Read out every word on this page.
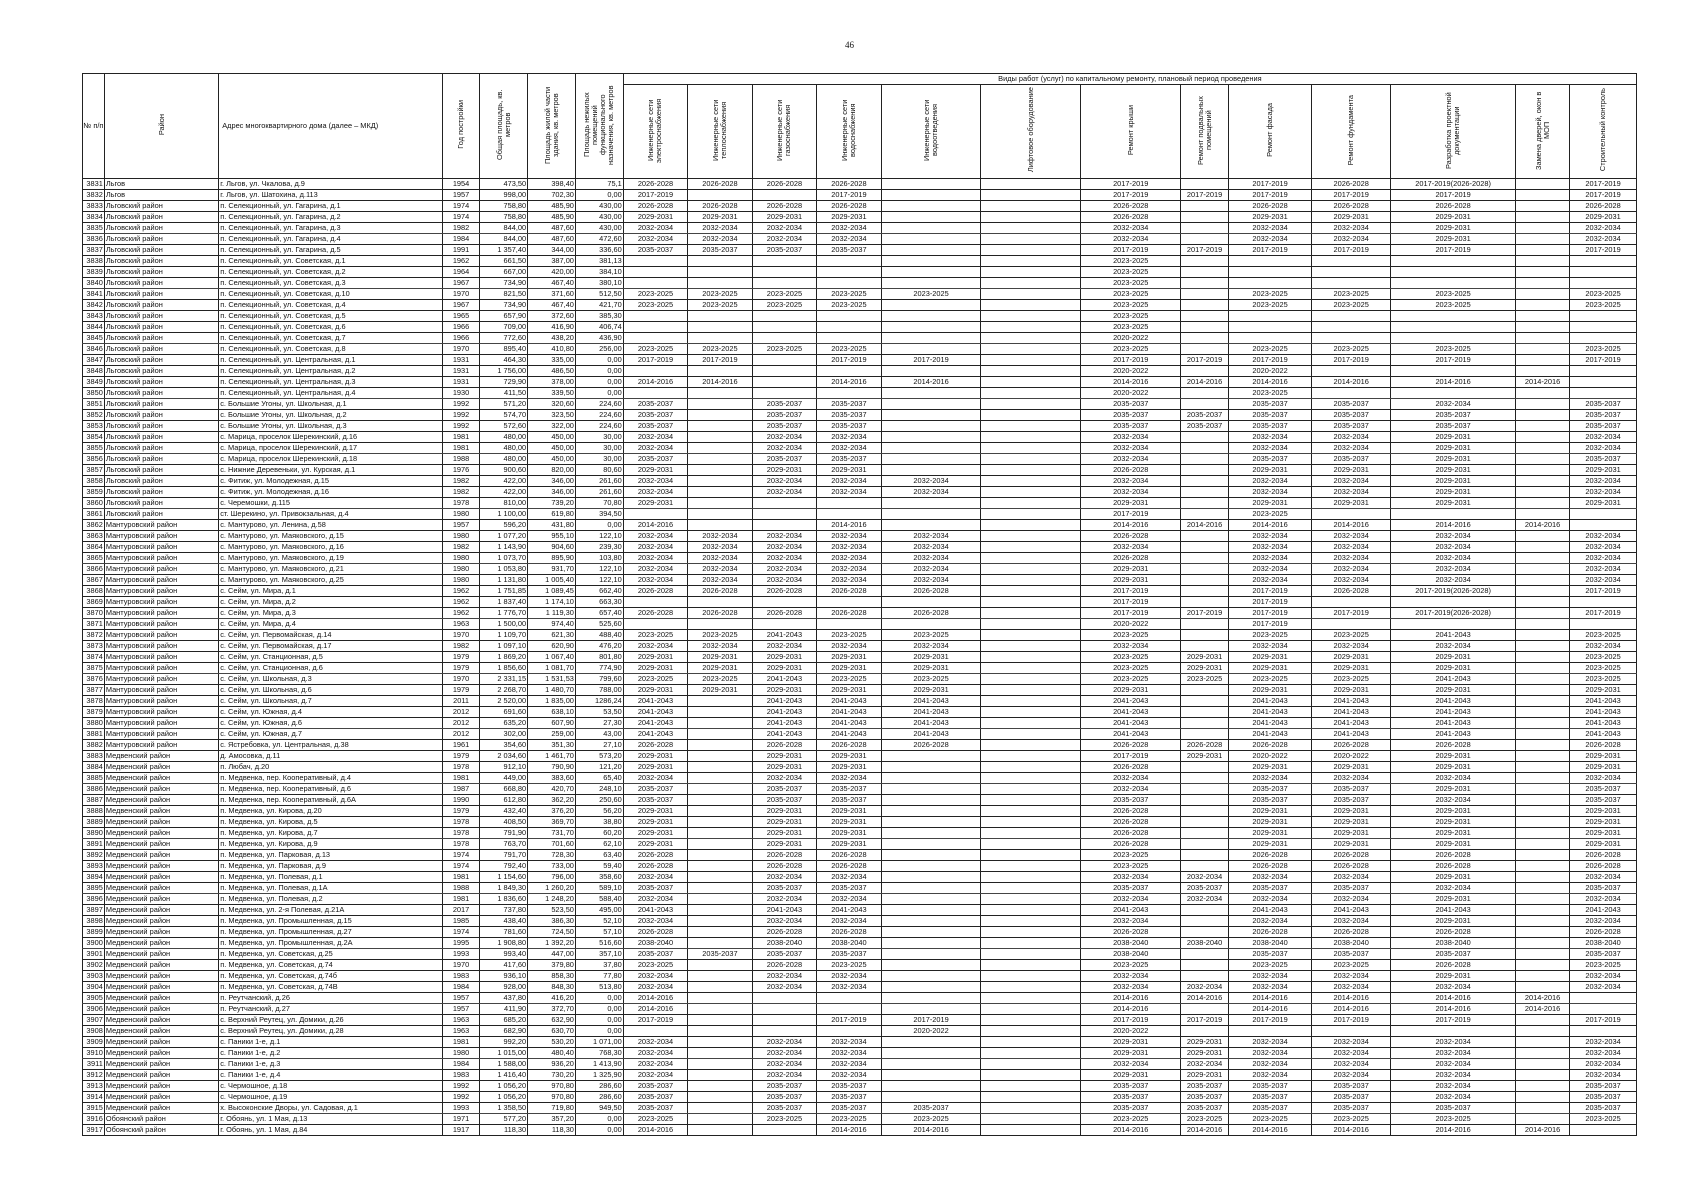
46
№ п/п	Район	Адрес многоквартирного дома (далее – МКД)	Год постройки	Общая площадь, кв. метров	Площадь жилой части здания, кв. метров	Площадь нежилых помещений функционального назначения, кв. метров	Виды работ (услуг) по капитальному ремонту, плановый период проведения												
							Инженерные сети электроснабжения	Инженерные сети теплоснабжения	Инженерные сети газоснабжения	Инженерные сети водоснабжения	Инженерные сети водоотведения	Лифтовое оборудование	Ремонт крыши	Ремонт подвальных помещений	Ремонт фасада	Ремонт фундамента	Разработка проектной документации	Замена дверей, окон в МОП	Строительный контроль
3831	Льгов	г. Льгов, ул. Чкалова, д.9	1954	473,50	398,40	75,1	2026-2028	2026-2028	2026-2028	2026-2028			2017-2019		2017-2019	2026-2028	2017-2019(2026-2028)		2017-2019
3832	Льгов	г. Льгов, ул. Шатохина, д.113	1957	998,00	702,30	0,00	2017-2019			2017-2019			2017-2019	2017-2019	2017-2019	2017-2019	2017-2019		2017-2019
3833	Льговский район	п. Селекционный, ул. Гагарина, д.1	1974	758,80	485,90	430,00	2026-2028	2026-2028	2026-2028	2026-2028			2026-2028		2026-2028	2026-2028	2026-2028		2026-2028
3834	Льговский район	п. Селекционный, ул. Гагарина, д.2	1974	758,80	485,90	430,00	2029-2031	2029-2031	2029-2031	2029-2031			2026-2028		2029-2031	2029-2031	2029-2031		2029-2031
3835	Льговский район	п. Селекционный, ул. Гагарина, д.3	1982	844,00	487,60	430,00	2032-2034	2032-2034	2032-2034	2032-2034			2032-2034		2032-2034	2032-2034	2029-2031		2032-2034
3836	Льговский район	п. Селекционный, ул. Гагарина, д.4	1984	844,00	487,60	472,60	2032-2034	2032-2034	2032-2034	2032-2034			2032-2034		2032-2034	2032-2034	2029-2031		2032-2034
3837	Льговский район	п. Селекционный, ул. Гагарина, д.5	1991	1 357,40	344,00	336,60	2035-2037	2035-2037	2035-2037	2035-2037			2017-2019	2017-2019	2017-2019	2017-2019	2017-2019		2017-2019
3838	Льговский район	п. Селекционный, ул. Советская, д.1	1962	661,50	387,00	381,13							2023-2025						
3839	Льговский район	п. Селекционный, ул. Советская, д.2	1964	667,00	420,00	384,10							2023-2025						
3840	Льговский район	п. Селекционный, ул. Советская, д.3	1967	734,90	467,40	380,10							2023-2025						
3841	Льговский район	п. Селекционный, ул. Советская, д.10	1970	821,50	371,60	512,50	2023-2025	2023-2025	2023-2025	2023-2025	2023-2025		2023-2025		2023-2025	2023-2025	2023-2025		2023-2025
3842	Льговский район	п. Селекционный, ул. Советская, д.4	1967	734,90	467,40	421,70	2023-2025	2023-2025	2023-2025	2023-2025			2023-2025		2023-2025	2023-2025	2023-2025		2023-2025
3843	Льговский район	п. Селекционный, ул. Советская, д.5	1965	657,90	372,60	385,30							2023-2025						
3844	Льговский район	п. Селекционный, ул. Советская, д.6	1966	709,00	416,90	406,74							2023-2025						
3845	Льговский район	п. Селекционный, ул. Советская, д.7	1966	772,60	438,20	436,90							2020-2022						
3846	Льговский район	п. Селекционный, ул. Советская, д.8	1970	895,40	410,80	256,00	2023-2025	2023-2025	2023-2025	2023-2025			2023-2025		2023-2025	2023-2025	2023-2025		2023-2025
3847	Льговский район	п. Селекционный, ул. Центральная, д.1	1931	464,30	335,00	0,00	2017-2019	2017-2019		2017-2019	2017-2019		2017-2019	2017-2019	2017-2019	2017-2019	2017-2019		2017-2019
3848	Льговский район	п. Селекционный, ул. Центральная, д.2	1931	1 756,00	486,50	0,00							2020-2022		2020-2022				
3849	Льговский район	п. Селекционный, ул. Центральная, д.3	1931	729,90	378,00	0,00	2014-2016	2014-2016		2014-2016	2014-2016		2014-2016	2014-2016	2014-2016	2014-2016	2014-2016	2014-2016	
3850	Льговский район	п. Селекционный, ул. Центральная, д.4	1930	411,50	339,50	0,00							2020-2022		2023-2025				
3851	Льговский район	с. Большие Угоны, ул. Школьная, д.1	1992	571,20	320,60	224,60	2035-2037		2035-2037	2035-2037			2035-2037		2035-2037	2035-2037	2032-2034		2035-2037
3852	Льговский район	с. Большие Угоны, ул. Школьная, д.2	1992	574,70	323,50	224,60	2035-2037		2035-2037	2035-2037			2035-2037	2035-2037	2035-2037	2035-2037	2035-2037		2035-2037
3853	Льговский район	с. Большие Угоны, ул. Школьная, д.3	1992	572,60	322,00	224,60	2035-2037		2035-2037	2035-2037			2035-2037	2035-2037	2035-2037	2035-2037	2035-2037		2035-2037
3854	Льговский район	с. Марица, проселок Шерекинский, д.16	1981	480,00	450,00	30,00	2032-2034		2032-2034	2032-2034			2032-2034		2032-2034	2032-2034	2029-2031		2032-2034
3855	Льговский район	с. Марица, проселок Шерекинский, д.17	1981	480,00	450,00	30,00	2032-2034		2032-2034	2032-2034			2032-2034		2032-2034	2032-2034	2029-2031		2032-2034
3856	Льговский район	с. Марица, проселок Шерекинский, д.18	1988	480,00	450,00	30,00	2035-2037		2035-2037	2035-2037			2032-2034		2035-2037	2035-2037	2029-2031		2035-2037
3857	Льговский район	с. Нижние Деревеньки, ул. Курская, д.1	1976	900,60	820,00	80,60	2029-2031		2029-2031	2029-2031			2026-2028		2029-2031	2029-2031	2029-2031		2029-2031
3858	Льговский район	с. Фитиж, ул. Молодежная, д.15	1982	422,00	346,00	261,60	2032-2034		2032-2034	2032-2034	2032-2034		2032-2034		2032-2034	2032-2034	2029-2031		2032-2034
3859	Льговский район	с. Фитиж, ул. Молодежная, д.16	1982	422,00	346,00	261,60	2032-2034		2032-2034	2032-2034	2032-2034		2032-2034		2032-2034	2032-2034	2029-2031		2032-2034
3860	Льговский район	с. Черемошки, д.115	1978	810,00	739,20	70,80	2029-2031						2029-2031		2029-2031	2029-2031	2029-2031		2029-2031
3861	Льговский район	ст. Шерекино, ул. Привокзальная, д.4	1980	1 100,00	619,80	394,50							2017-2019		2023-2025				
3862	Мантуровский район	с. Мантурово, ул. Ленина, д.58	1957	596,20	431,80	0,00	2014-2016			2014-2016			2014-2016	2014-2016	2014-2016	2014-2016	2014-2016	2014-2016	
3863	Мантуровский район	с. Мантурово, ул. Маяковского, д.15	1980	1 077,20	955,10	122,10	2032-2034	2032-2034	2032-2034	2032-2034	2032-2034		2026-2028		2032-2034	2032-2034	2032-2034		2032-2034
3864	Мантуровский район	с. Мантурово, ул. Маяковского, д.16	1982	1 143,90	904,60	239,30	2032-2034	2032-2034	2032-2034	2032-2034	2032-2034		2032-2034		2032-2034	2032-2034	2032-2034		2032-2034
3865	Мантуровский район	с. Мантурово, ул. Маяковского, д.19	1980	1 073,70	895,90	103,80	2032-2034	2032-2034	2032-2034	2032-2034	2032-2034		2026-2028		2032-2034	2032-2034	2032-2034		2032-2034
3866	Мантуровский район	с. Мантурово, ул. Маяковского, д.21	1980	1 053,80	931,70	122,10	2032-2034	2032-2034	2032-2034	2032-2034	2032-2034		2029-2031		2032-2034	2032-2034	2032-2034		2032-2034
3867	Мантуровский район	с. Мантурово, ул. Маяковского, д.25	1980	1 131,80	1 005,40	122,10	2032-2034	2032-2034	2032-2034	2032-2034	2032-2034		2029-2031		2032-2034	2032-2034	2032-2034		2032-2034
3868	Мантуровский район	с. Сейм, ул. Мира, д.1	1962	1 751,85	1 089,45	662,40	2026-2028	2026-2028	2026-2028	2026-2028	2026-2028		2017-2019		2017-2019	2026-2028	2017-2019(2026-2028)		2017-2019
3869	Мантуровский район	с. Сейм, ул. Мира, д.2	1962	1 837,40	1 174,10	663,30							2017-2019		2017-2019				
3870	Мантуровский район	с. Сейм, ул. Мира, д.3	1962	1 776,70	1 119,30	657,40	2026-2028	2026-2028	2026-2028	2026-2028	2026-2028		2017-2019	2017-2019	2017-2019	2017-2019	2017-2019(2026-2028)		2017-2019
3871	Мантуровский район	с. Сейм, ул. Мира, д.4	1963	1 500,00	974,40	525,60							2020-2022		2017-2019				
3872	Мантуровский район	с. Сейм, ул. Первомайская, д.14	1970	1 109,70	621,30	488,40	2023-2025	2023-2025	2041-2043	2023-2025	2023-2025		2023-2025		2023-2025	2023-2025	2041-2043		2023-2025
3873	Мантуровский район	с. Сейм, ул. Первомайская, д.17	1982	1 097,10	620,90	476,20	2032-2034	2032-2034	2032-2034	2032-2034	2032-2034		2032-2034		2032-2034	2032-2034	2032-2034		2032-2034
3874	Мантуровский район	с. Сейм, ул. Станционная, д.5	1979	1 869,20	1 067,40	801,80	2029-2031	2029-2031	2029-2031	2029-2031	2029-2031		2023-2025	2029-2031	2029-2031	2029-2031	2029-2031		2023-2025
3875	Мантуровский район	с. Сейм, ул. Станционная, д.6	1979	1 856,60	1 081,70	774,90	2029-2031	2029-2031	2029-2031	2029-2031	2029-2031		2023-2025	2029-2031	2029-2031	2029-2031	2029-2031		2023-2025
3876	Мантуровский район	с. Сейм, ул. Школьная, д.3	1970	2 331,15	1 531,53	799,60	2023-2025	2023-2025	2041-2043	2023-2025	2023-2025		2023-2025	2023-2025	2023-2025	2023-2025	2041-2043		2023-2025
3877	Мантуровский район	с. Сейм, ул. Школьная, д.6	1979	2 268,70	1 480,70	788,00	2029-2031	2029-2031	2029-2031	2029-2031	2029-2031		2029-2031		2029-2031	2029-2031	2029-2031		2029-2031
3878	Мантуровский район	с. Сейм, ул. Школьная, д.7	2011	2 520,00	1 835,00	1286,24	2041-2043		2041-2043	2041-2043	2041-2043		2041-2043		2041-2043	2041-2043	2041-2043		2041-2043
3879	Мантуровский район	с. Сейм, ул. Южная, д.4	2012	691,60	638,10	53,50	2041-2043		2041-2043	2041-2043	2041-2043		2041-2043		2041-2043	2041-2043	2041-2043		2041-2043
3880	Мантуровский район	с. Сейм, ул. Южная, д.6	2012	635,20	607,90	27,30	2041-2043		2041-2043	2041-2043	2041-2043		2041-2043		2041-2043	2041-2043	2041-2043		2041-2043
3881	Мантуровский район	с. Сейм, ул. Южная, д.7	2012	302,00	259,00	43,00	2041-2043		2041-2043	2041-2043	2041-2043		2041-2043		2041-2043	2041-2043	2041-2043		2041-2043
3882	Мантуровский район	с. Ястребовка, ул. Центральная, д.38	1961	354,60	351,30	27,10	2026-2028		2026-2028	2026-2028	2026-2028		2026-2028	2026-2028	2026-2028	2026-2028	2026-2028		2026-2028
3883	Медвенский район	д. Амосовка, д.11	1979	2 034,60	1 461,70	573,20	2029-2031		2029-2031	2029-2031			2017-2019	2029-2031	2020-2022	2020-2022	2029-2031		2029-2031
3884	Медвенский район	п. Любач, д.20	1978	912,10	790,90	121,20	2029-2031		2029-2031	2029-2031			2026-2028		2029-2031	2029-2031	2029-2031		2029-2031
3885	Медвенский район	п. Медвенка, пер. Кооперативный, д.4	1981	449,00	383,60	65,40	2032-2034		2032-2034	2032-2034			2032-2034		2032-2034	2032-2034	2032-2034		2032-2034
3886	Медвенский район	п. Медвенка, пер. Кооперативный, д.6	1987	668,80	420,70	248,10	2035-2037		2035-2037	2035-2037			2032-2034		2035-2037	2035-2037	2029-2031		2035-2037
3887	Медвенский район	п. Медвенка, пер. Кооперативный, д.6А	1990	612,80	362,20	250,60	2035-2037		2035-2037	2035-2037			2035-2037		2035-2037	2035-2037	2032-2034		2035-2037
3888	Медвенский район	п. Медвенка, ул. Кирова, д.20	1979	432,40	376,20	56,20	2029-2031		2029-2031	2029-2031			2026-2028		2029-2031	2029-2031	2029-2031		2029-2031
3889	Медвенский район	п. Медвенка, ул. Кирова, д.5	1978	408,50	369,70	38,80	2029-2031		2029-2031	2029-2031			2026-2028		2029-2031	2029-2031	2029-2031		2029-2031
3890	Медвенский район	п. Медвенка, ул. Кирова, д.7	1978	791,90	731,70	60,20	2029-2031		2029-2031	2029-2031			2026-2028		2029-2031	2029-2031	2029-2031		2029-2031
3891	Медвенский район	п. Медвенка, ул. Кирова, д.9	1978	763,70	701,60	62,10	2029-2031		2029-2031	2029-2031			2026-2028		2029-2031	2029-2031	2029-2031		2029-2031
3892	Медвенский район	п. Медвенка, ул. Парковая, д.13	1974	791,70	728,30	63,40	2026-2028		2026-2028	2026-2028			2023-2025		2026-2028	2026-2028	2026-2028		2026-2028
3893	Медвенский район	п. Медвенка, ул. Парковая, д.9	1974	792,40	733,00	59,40	2026-2028		2026-2028	2026-2028			2023-2025		2026-2028	2026-2028	2026-2028		2026-2028
3894	Медвенский район	п. Медвенка, ул. Полевая, д.1	1981	1 154,60	796,00	358,60	2032-2034		2032-2034	2032-2034			2032-2034	2032-2034	2032-2034	2032-2034	2029-2031		2032-2034
3895	Медвенский район	п. Медвенка, ул. Полевая, д.1А	1988	1 849,30	1 260,20	589,10	2035-2037		2035-2037	2035-2037			2035-2037	2035-2037	2035-2037	2035-2037	2032-2034		2035-2037
3896	Медвенский район	п. Медвенка, ул. Полевая, д.2	1981	1 836,60	1 248,20	588,40	2032-2034		2032-2034	2032-2034			2032-2034	2032-2034	2032-2034	2032-2034	2029-2031		2032-2034
3897	Медвенский район	п. Медвенка, ул. 2-я Полевая, д.21А	2017	737,80	523,50	495,00	2041-2043		2041-2043	2041-2043			2041-2043		2041-2043	2041-2043	2041-2043		2041-2043
3898	Медвенский район	п. Медвенка, ул. Промышленная, д.15	1985	438,40	386,30	52,10	2032-2034		2032-2034	2032-2034			2032-2034		2032-2034	2032-2034	2029-2031		2032-2034
3899	Медвенский район	п. Медвенка, ул. Промышленная, д.27	1974	781,60	724,50	57,10	2026-2028		2026-2028	2026-2028			2026-2028		2026-2028	2026-2028	2026-2028		2026-2028
3900	Медвенский район	п. Медвенка, ул. Промышленная, д.2А	1995	1 908,80	1 392,20	516,60	2038-2040		2038-2040	2038-2040			2038-2040	2038-2040	2038-2040	2038-2040	2038-2040		2038-2040
3901	Медвенский район	п. Медвенка, ул. Советская, д.25	1993	993,40	447,00	357,10	2035-2037	2035-2037	2035-2037	2035-2037			2038-2040		2035-2037	2035-2037	2035-2037		2035-2037
3902	Медвенский район	п. Медвенка, ул. Советская, д.74	1970	417,60	379,80	37,80	2023-2025		2026-2028	2023-2025			2023-2025		2023-2025	2023-2025	2026-2028		2023-2025
3903	Медвенский район	п. Медвенка, ул. Советская, д.74б	1983	936,10	858,30	77,80	2032-2034		2032-2034	2032-2034			2032-2034		2032-2034	2032-2034	2029-2031		2032-2034
3904	Медвенский район	п. Медвенка, ул. Советская, д.74В	1984	928,00	848,30	513,80	2032-2034		2032-2034	2032-2034			2032-2034	2032-2034	2032-2034	2032-2034	2032-2034		2032-2034
3905	Медвенский район	п. Реутчанский, д.26	1957	437,80	416,20	0,00	2014-2016						2014-2016	2014-2016	2014-2016	2014-2016	2014-2016	2014-2016	
3906	Медвенский район	п. Реутчанский, д.27	1957	411,90	372,70	0,00	2014-2016						2014-2016		2014-2016	2014-2016	2014-2016	2014-2016	
3907	Медвенский район	с. Верхний Реутец, ул. Домики, д.26	1963	685,20	632,90	0,00	2017-2019			2017-2019	2017-2019		2017-2019	2017-2019	2017-2019	2017-2019	2017-2019		2017-2019
3908	Медвенский район	с. Верхний Реутец, ул. Домики, д.28	1963	682,90	630,70	0,00					2020-2022		2020-2022						
3909	Медвенский район	с. Паники 1-е, д.1	1981	992,20	530,20	1 071,00	2032-2034		2032-2034	2032-2034			2029-2031	2029-2031	2032-2034	2032-2034	2032-2034		2032-2034
3910	Медвенский район	с. Паники 1-е, д.2	1980	1 015,00	480,40	768,30	2032-2034		2032-2034	2032-2034			2029-2031	2029-2031	2032-2034	2032-2034	2032-2034		2032-2034
3911	Медвенский район	с. Паники 1-е, д.3	1984	1 588,00	936,20	1 413,90	2032-2034		2032-2034	2032-2034			2032-2034	2032-2034	2032-2034	2032-2034	2032-2034		2032-2034
3912	Медвенский район	с. Паники 1-е, д.4	1983	1 416,40	730,20	1 325,90	2032-2034		2032-2034	2032-2034			2029-2031	2029-2031	2032-2034	2032-2034	2032-2034		2032-2034
3913	Медвенский район	с. Чермошное, д.18	1992	1 056,20	970,80	286,60	2035-2037		2035-2037	2035-2037			2035-2037	2035-2037	2035-2037	2035-2037	2032-2034		2035-2037
3914	Медвенский район	с. Чермошное, д.19	1992	1 056,20	970,80	286,60	2035-2037		2035-2037	2035-2037			2035-2037	2035-2037	2035-2037	2035-2037	2032-2034		2035-2037
3915	Медвенский район	х. Высоконские Дворы, ул. Садовая, д.1	1993	1 358,50	719,80	949,50	2035-2037		2035-2037	2035-2037	2035-2037		2035-2037	2035-2037	2035-2037	2035-2037	2035-2037		2035-2037
3916	Обоянский район	г. Обоянь, ул. 1 Мая, д.13	1971	577,20	357,20	0,00	2023-2025		2023-2025	2023-2025	2023-2025		2023-2025	2023-2025	2023-2025	2023-2025	2023-2025		2023-2025
3917	Обоянский район	г. Обоянь, ул. 1 Мая, д.84	1917	118,30	118,30	0,00	2014-2016			2014-2016	2014-2016		2014-2016	2014-2016	2014-2016	2014-2016	2014-2016	2014-2016	
